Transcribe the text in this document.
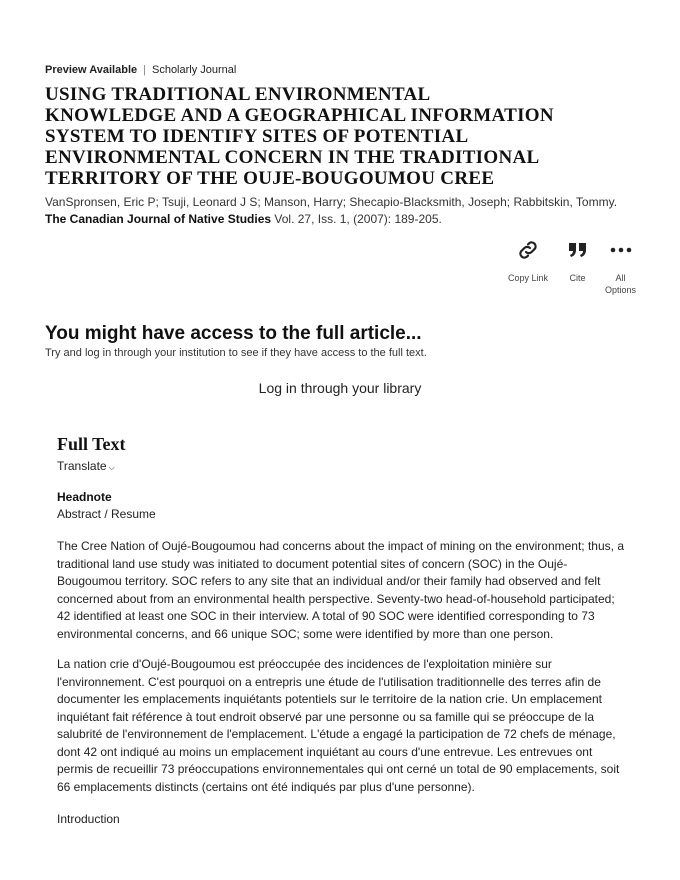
Preview Available | Scholarly Journal
USING TRADITIONAL ENVIRONMENTAL KNOWLEDGE AND A GEOGRAPHICAL INFORMATION SYSTEM TO IDENTIFY SITES OF POTENTIAL ENVIRONMENTAL CONCERN IN THE TRADITIONAL TERRITORY OF THE OUJE-BOUGOUMOU CREE
VanSpronsen, Eric P; Tsuji, Leonard J S; Manson, Harry; Shecapio-Blacksmith, Joseph; Rabbitskin, Tommy. The Canadian Journal of Native Studies Vol. 27, Iss. 1, (2007): 189-205.
Copy Link Cite	All Options
You might have access to the full article...

Try and log in through your institution to see if they have access to the full text.

Log in through your library
Full Text
Translate ⌵
Headnote
Abstract / Resume

The Cree Nation of Oujé-Bougoumou had concerns about the impact of mining on the environment; thus, a traditional land use study was initiated to document potential sites of concern (SOC) in the Oujé-Bougoumou territory. SOC refers to any site that an individual and/or their family had observed and felt concerned about from an environmental health perspective. Seventy-two head-of-household participated; 42 identified at least one SOC in their interview. A total of 90 SOC were identified corresponding to 73 environmental concerns, and 66 unique SOC; some were identified by more than one person.

La nation crie d'Oujé-Bougoumou est préoccupée des incidences de l'exploitation minière sur l'environnement. C'est pourquoi on a entrepris une étude de l'utilisation traditionnelle des terres afin de documenter les emplacements inquiétants potentiels sur le territoire de la nation crie. Un emplacement inquiétant fait référence à tout endroit observé par une personne ou sa famille qui se préoccupe de la salubrité de l'environnement de l'emplacement. L'étude a engagé la participation de 72 chefs de ménage, dont 42 ont indiqué au moins un emplacement inquiétant au cours d'une entrevue. Les entrevues ont permis de recueillir 73 préoccupations environnementales qui ont cerné un total de 90 emplacements, soit 66 emplacements distincts (certains ont été indiqués par plus d'une personne).

Introduction
